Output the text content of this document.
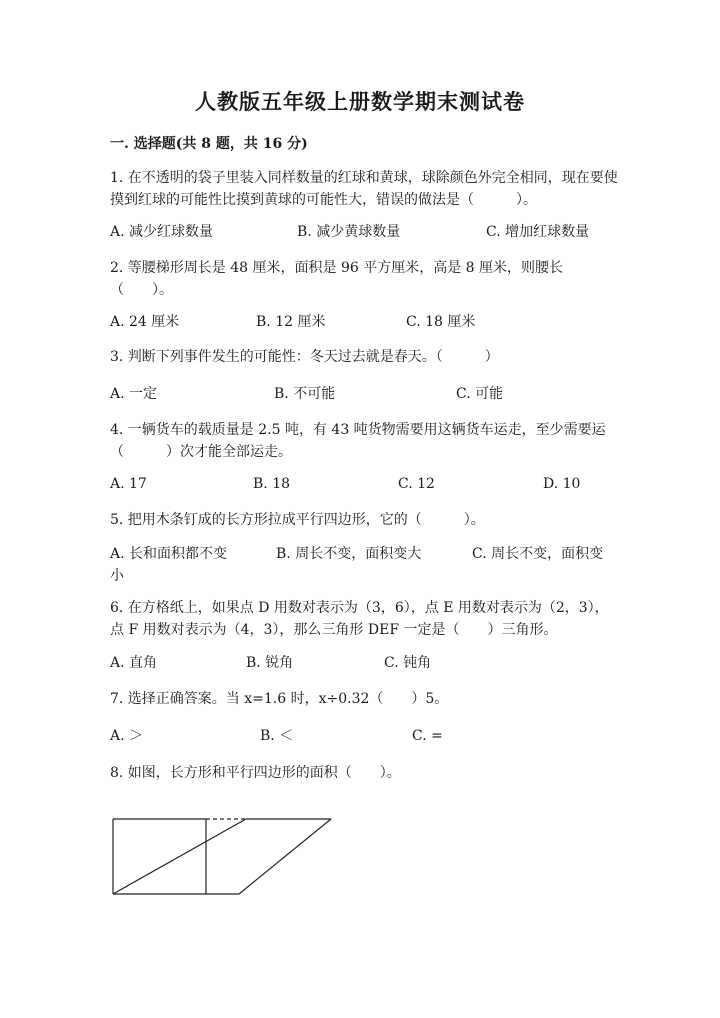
人教版五年级上册数学期末测试卷
一. 选择题(共 8 题，共 16 分)
1. 在不透明的袋子里装入同样数量的红球和黄球，球除颜色外完全相同，现在要使摸到红球的可能性比摸到黄球的可能性大，错误的做法是（　　　）。
A. 减少红球数量	B. 减少黄球数量	C. 增加红球数量
2. 等腰梯形周长是 48 厘米，面积是 96 平方厘米，高是 8 厘米，则腰长（　　）。
A. 24 厘米	B. 12 厘米	C. 18 厘米
3. 判断下列事件发生的可能性：冬天过去就是春天。（　　　）
A. 一定	B. 不可能	C. 可能
4. 一辆货车的载质量是 2.5 吨，有 43 吨货物需要用这辆货车运走，至少需要运（　　　）次才能全部运走。
A. 17	B. 18	C. 12	D. 10
5. 把用木条钉成的长方形拉成平行四边形，它的（　　　）。
A. 长和面积都不变	B. 周长不变，面积变大	C. 周长不变，面积变小
6. 在方格纸上，如果点 D 用数对表示为（3，6），点 E 用数对表示为（2，3），点 F 用数对表示为（4，3），那么三角形 DEF 一定是（　　）三角形。
A. 直角	B. 锐角	C. 钝角
7. 选择正确答案。当 x=1.6 时，x÷0.32（　　）5。
A. ＞	B. ＜	C. =
8. 如图，长方形和平行四边形的面积（　　）。
